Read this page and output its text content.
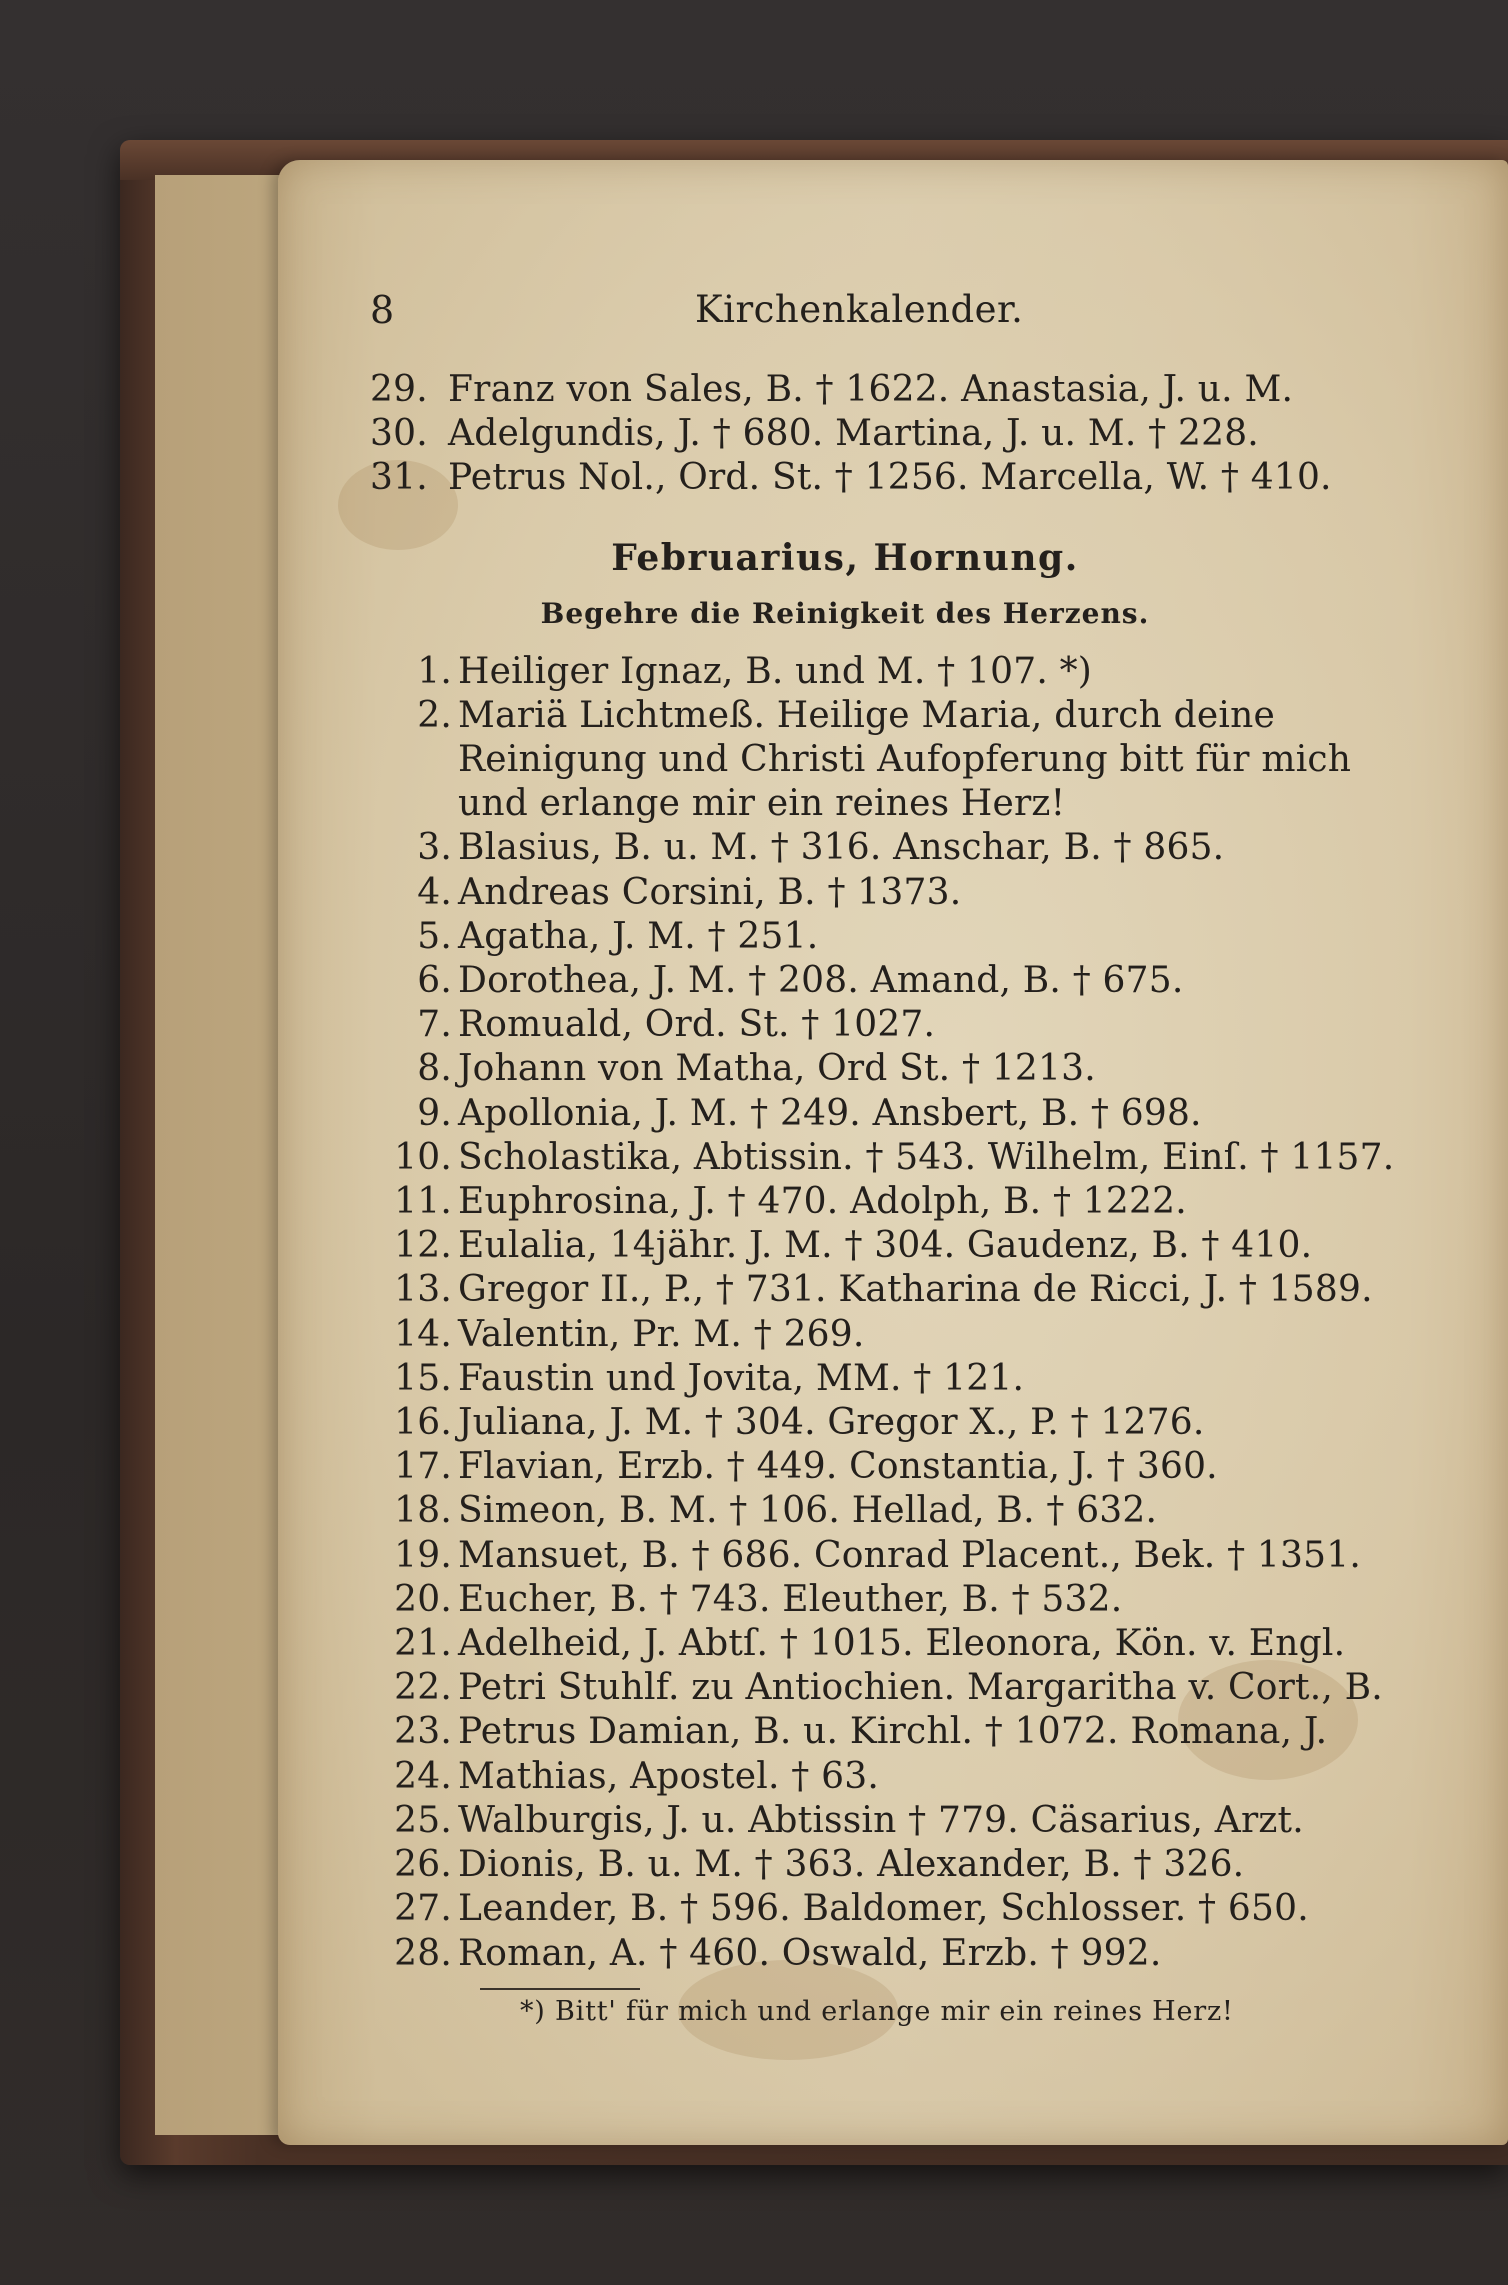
8	Kirchenkalender.
29. Franz von Sales, B. † 1622. Anastasia, J. u. M.
30. Adelgundis, J. † 680. Martina, J. u. M. † 228.
31. Petrus Nol., Ord. St. † 1256. Marcella, W. † 410.
Februarius, Hornung.
Begehre die Reinigkeit des Herzens.
1. Heiliger Ignaz, B. und M. † 107. *)
2. Mariä Lichtmeß. Heilige Maria, durch deine
Reinigung und Christi Aufopferung bitt für mich
und erlange mir ein reines Herz!
3. Blasius, B. u. M. † 316. Anschar, B. † 865.
4. Andreas Corsini, B. † 1373.
5. Agatha, J. M. † 251.
6. Dorothea, J. M. † 208. Amand, B. † 675.
7. Romuald, Ord. St. † 1027.
8. Johann von Matha, Ord St. † 1213.
9. Apollonia, J. M. † 249. Ansbert, B. † 698.
10. Scholastika, Abtissin. † 543. Wilhelm, Einſ. † 1157.
11. Euphrosina, J. † 470. Adolph, B. † 1222.
12. Eulalia, 14jähr. J. M. † 304. Gaudenz, B. † 410.
13. Gregor II., P., † 731. Katharina de Ricci, J. † 1589.
14. Valentin, Pr. M. † 269.
15. Faustin und Jovita, MM. † 121.
16. Juliana, J. M. † 304. Gregor X., P. † 1276.
17. Flavian, Erzb. † 449. Constantia, J. † 360.
18. Simeon, B. M. † 106. Hellad, B. † 632.
19. Mansuet, B. † 686. Conrad Placent., Bek. † 1351.
20. Eucher, B. † 743. Eleuther, B. † 532.
21. Adelheid, J. Abtſ. † 1015. Eleonora, Kön. v. Engl.
22. Petri Stuhlf. zu Antiochien. Margaritha v. Cort., B.
23. Petrus Damian, B. u. Kirchl. † 1072. Romana, J.
24. Mathias, Apostel. † 63.
25. Walburgis, J. u. Abtissin † 779. Cäsarius, Arzt.
26. Dionis, B. u. M. † 363. Alexander, B. † 326.
27. Leander, B. † 596. Baldomer, Schlosser. † 650.
28. Roman, A. † 460. Oswald, Erzb. † 992.
*) Bitt' für mich und erlange mir ein reines Herz!
